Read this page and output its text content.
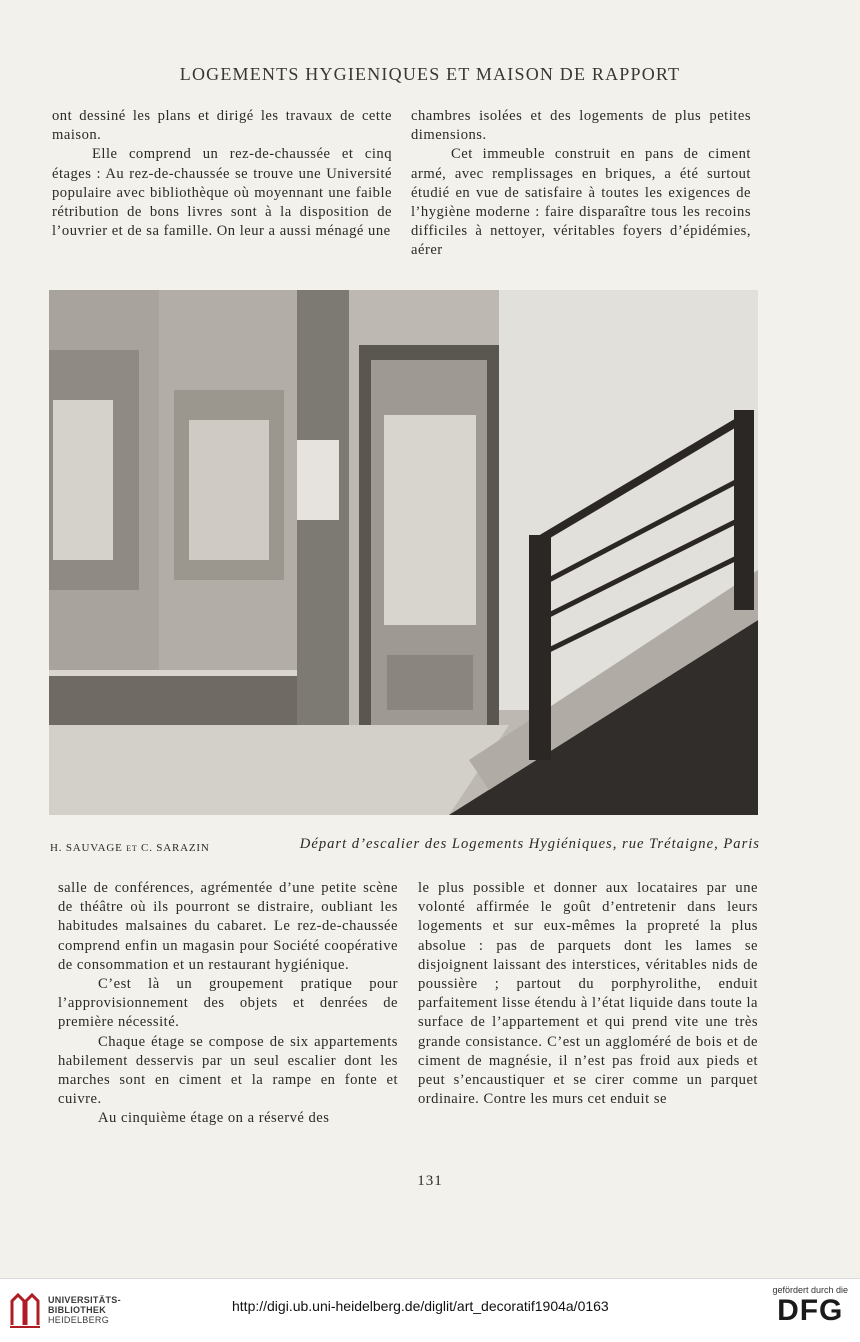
LOGEMENTS HYGIENIQUES ET MAISON DE RAPPORT

ont dessiné les plans et dirigé les travaux de cette maison.

Elle comprend un rez-de-chaussée et cinq étages : Au rez-de-chaussée se trouve une Université populaire avec bibliothèque où moyennant une faible rétribution de bons livres sont à la disposition de l’ouvrier et de sa famille. On leur a aussi ménagé une

chambres isolées et des logements de plus petites dimensions.

Cet immeuble construit en pans de ciment armé, avec remplissages en briques, a été surtout étudié en vue de satisfaire à toutes les exigences de l’hygiène moderne : faire disparaître tous les recoins difficiles à nettoyer, véritables foyers d’épidémies, aérer

H. SAUVAGE et C. SARAZIN	Départ d’escalier des Logements Hygiéniques, rue Trétaigne, Paris

salle de conférences, agrémentée d’une petite scène de théâtre où ils pourront se distraire, oubliant les habitudes malsaines du cabaret. Le rez-de-chaussée comprend enfin un magasin pour Société coopérative de consommation et un restaurant hygiénique.

C’est là un groupement pratique pour l’approvisionnement des objets et denrées de première nécessité.

Chaque étage se compose de six appartements habilement desservis par un seul escalier dont les marches sont en ciment et la rampe en fonte et cuivre.

Au cinquième étage on a réservé des

le plus possible et donner aux locataires par une volonté affirmée le goût d’entretenir dans leurs logements et sur eux-mêmes la propreté la plus absolue : pas de parquets dont les lames se disjoignent laissant des interstices, véritables nids de poussière ; partout du porphyrolithe, enduit parfaitement lisse étendu à l’état liquide dans toute la surface de l’appartement et qui prend vite une très grande consistance. C’est un aggloméré de bois et de ciment de magnésie, il n’est pas froid aux pieds et peut s’encaustiquer et se cirer comme un parquet ordinaire. Contre les murs cet enduit se

131
UNIVERSITÄTS-
BIBLIOTHEK
HEIDELBERG
http://digi.ub.uni-heidelberg.de/diglit/art_decoratif1904a/0163
gefördert durch die
DFG
